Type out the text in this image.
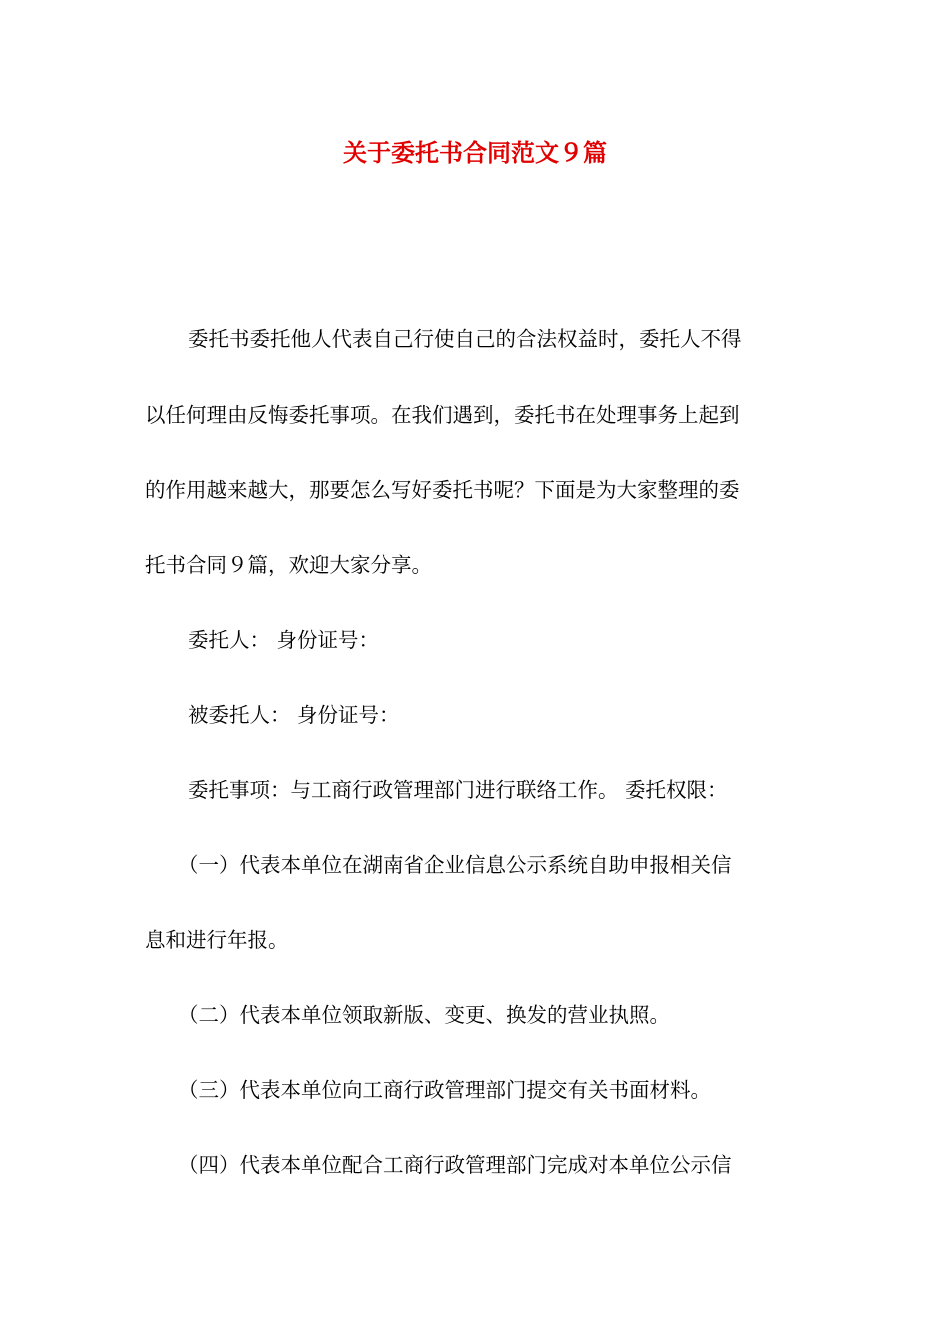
关于委托书合同范文９篇
委托书委托他人代表自己行使自己的合法权益时，委托人不得
以任何理由反悔委托事项。在我们遇到，委托书在处理事务上起到
的作用越来越大，那要怎么写好委托书呢？下面是为大家整理的委
托书合同９篇，欢迎大家分享。
委托人： 身份证号：
被委托人： 身份证号：
委托事项：与工商行政管理部门进行联络工作。 委托权限：
（一）代表本单位在湖南省企业信息公示系统自助申报相关信
息和进行年报。
（二）代表本单位领取新版、变更、换发的营业执照。
（三）代表本单位向工商行政管理部门提交有关书面材料。
（四）代表本单位配合工商行政管理部门完成对本单位公示信
